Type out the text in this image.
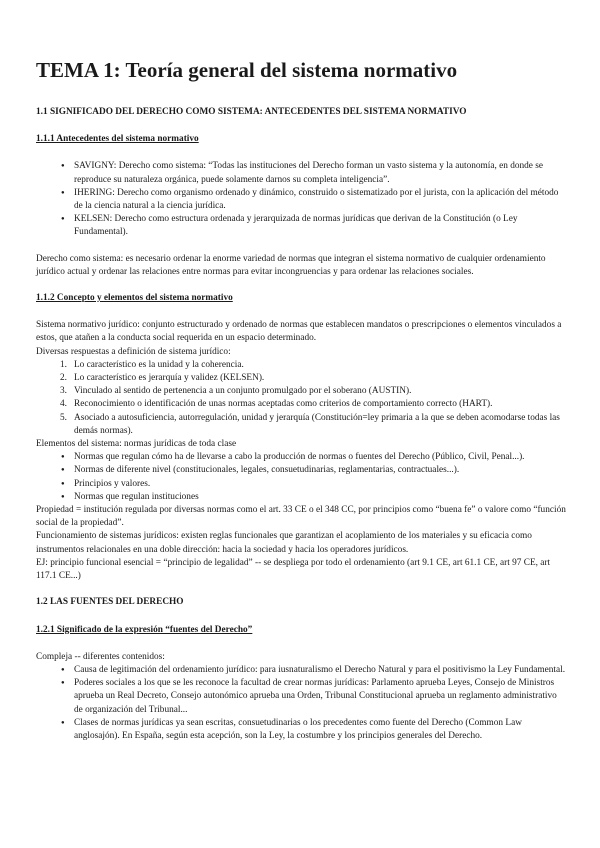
TEMA 1: Teoría general del sistema normativo
1.1 SIGNIFICADO DEL DERECHO COMO SISTEMA: ANTECEDENTES DEL SISTEMA NORMATIVO
1.1.1 Antecedentes del sistema normativo
● SAVIGNY: Derecho como sistema: “Todas las instituciones del Derecho forman un vasto sistema y la autonomía, en donde se reproduce su naturaleza orgánica, puede solamente darnos su completa inteligencia”.
● IHERING: Derecho como organismo ordenado y dinámico, construido o sistematizado por el jurista, con la aplicación del método de la ciencia natural a la ciencia jurídica.
● KELSEN: Derecho como estructura ordenada y jerarquizada de normas jurídicas que derivan de la Constitución (o Ley Fundamental).

Derecho como sistema: es necesario ordenar la enorme variedad de normas que integran el sistema normativo de cualquier ordenamiento jurídico actual y ordenar las relaciones entre normas para evitar incongruencias y para ordenar las relaciones sociales.

1.1.2 Concepto y elementos del sistema normativo

Sistema normativo jurídico: conjunto estructurado y ordenado de normas que establecen mandatos o prescripciones o elementos vinculados a estos, que atañen a la conducta social requerida en un espacio determinado.

Diversas respuestas a definición de sistema jurídico:

1. Lo característico es la unidad y la coherencia.
2. Lo característico es jerarquía y validez (KELSEN).
3. Vinculado al sentido de pertenencia a un conjunto promulgado por el soberano (AUSTIN).
4. Reconocimiento o identificación de unas normas aceptadas como criterios de comportamiento correcto (HART).
5. Asociado a autosuficiencia, autorregulación, unidad y jerarquía (Constitución=ley primaria a la que se deben acomodarse todas las demás normas).

Elementos del sistema: normas jurídicas de toda clase

● Normas que regulan cómo ha de llevarse a cabo la producción de normas o fuentes del Derecho (Público, Civil, Penal...).
● Normas de diferente nivel (constitucionales, legales, consuetudinarias, reglamentarias, contractuales...).
● Principios y valores.
● Normas que regulan instituciones

Propiedad = institución regulada por diversas normas como el art. 33 CE o el 348 CC, por principios como “buena fe” o valore como “función social de la propiedad”.

Funcionamiento de sistemas jurídicos: existen reglas funcionales que garantizan el acoplamiento de los materiales y su eficacia como instrumentos relacionales en una doble dirección: hacia la sociedad y hacia los operadores jurídicos.

EJ: principio funcional esencial = “principio de legalidad” -- se despliega por todo el ordenamiento (art 9.1 CE, art 61.1 CE, art 97 CE, art 117.1 CE...)

1.2 LAS FUENTES DEL DERECHO
1.2.1 Significado de la expresión “fuentes del Derecho”

Compleja -- diferentes contenidos:

● Causa de legitimación del ordenamiento jurídico: para iusnaturalismo el Derecho Natural y para el positivismo la Ley Fundamental.
● Poderes sociales a los que se les reconoce la facultad de crear normas jurídicas: Parlamento aprueba Leyes, Consejo de Ministros aprueba un Real Decreto, Consejo autonómico aprueba una Orden, Tribunal Constitucional aprueba un reglamento administrativo de organización del Tribunal...
● Clases de normas jurídicas ya sean escritas, consuetudinarias o los precedentes como fuente del Derecho (Common Law anglosajón). En España, según esta acepción, son la Ley, la costumbre y los principios generales del Derecho.
